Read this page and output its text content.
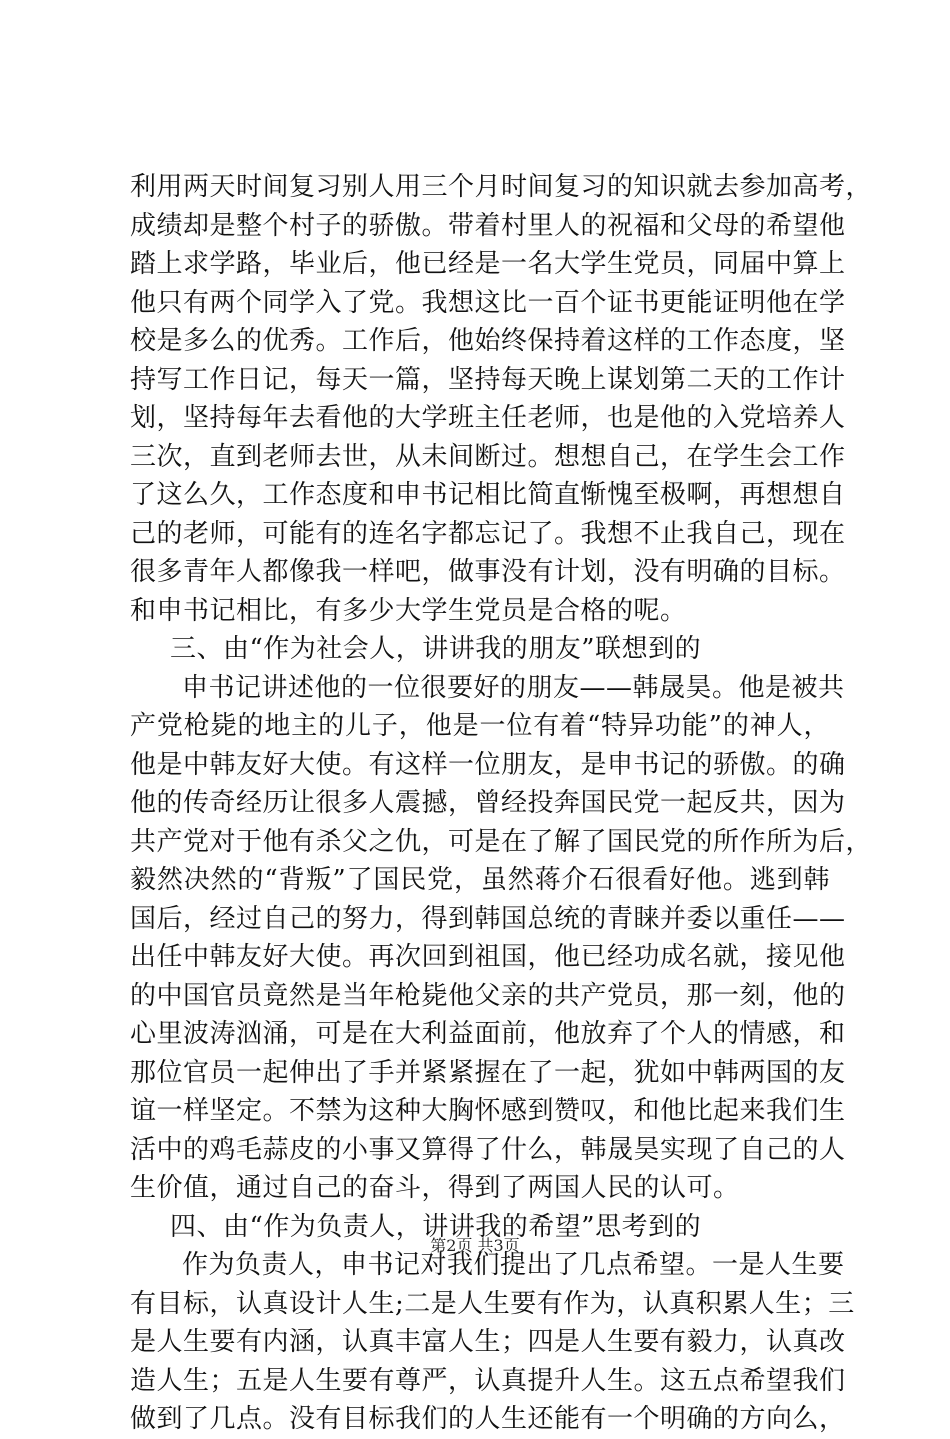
利用两天时间复习别人用三个月时间复习的知识就去参加高考，
成绩却是整个村子的骄傲。带着村里人的祝福和父母的希望他
踏上求学路，毕业后，他已经是一名大学生党员，同届中算上
他只有两个同学入了党。我想这比一百个证书更能证明他在学
校是多么的优秀。工作后，他始终保持着这样的工作态度，坚
持写工作日记，每天一篇，坚持每天晚上谋划第二天的工作计
划，坚持每年去看他的大学班主任老师，也是他的入党培养人
三次，直到老师去世，从未间断过。想想自己，在学生会工作
了这么久，工作态度和申书记相比简直惭愧至极啊，再想想自
己的老师，可能有的连名字都忘记了。我想不止我自己，现在
很多青年人都像我一样吧，做事没有计划，没有明确的目标。
和申书记相比，有多少大学生党员是合格的呢。
三、由“作为社会人，讲讲我的朋友”联想到的
申书记讲述他的一位很要好的朋友——韩晟昊。他是被共
产党枪毙的地主的儿子，他是一位有着“特异功能”的神人，
他是中韩友好大使。有这样一位朋友，是申书记的骄傲。的确
他的传奇经历让很多人震撼，曾经投奔国民党一起反共，因为
共产党对于他有杀父之仇，可是在了解了国民党的所作所为后，
毅然决然的“背叛”了国民党，虽然蒋介石很看好他。逃到韩
国后，经过自己的努力，得到韩国总统的青睐并委以重任——
出任中韩友好大使。再次回到祖国，他已经功成名就，接见他
的中国官员竟然是当年枪毙他父亲的共产党员，那一刻，他的
心里波涛汹涌，可是在大利益面前，他放弃了个人的情感，和
那位官员一起伸出了手并紧紧握在了一起，犹如中韩两国的友
谊一样坚定。不禁为这种大胸怀感到赞叹，和他比起来我们生
活中的鸡毛蒜皮的小事又算得了什么，韩晟昊实现了自己的人
生价值，通过自己的奋斗，得到了两国人民的认可。
四、由“作为负责人，讲讲我的希望”思考到的
作为负责人，申书记对我们提出了几点希望。一是人生要
有目标，认真设计人生;二是人生要有作为，认真积累人生；三
是人生要有内涵，认真丰富人生；四是人生要有毅力，认真改
造人生；五是人生要有尊严，认真提升人生。这五点希望我们
做到了几点。没有目标我们的人生还能有一个明确的方向么，
第2页 共3页
